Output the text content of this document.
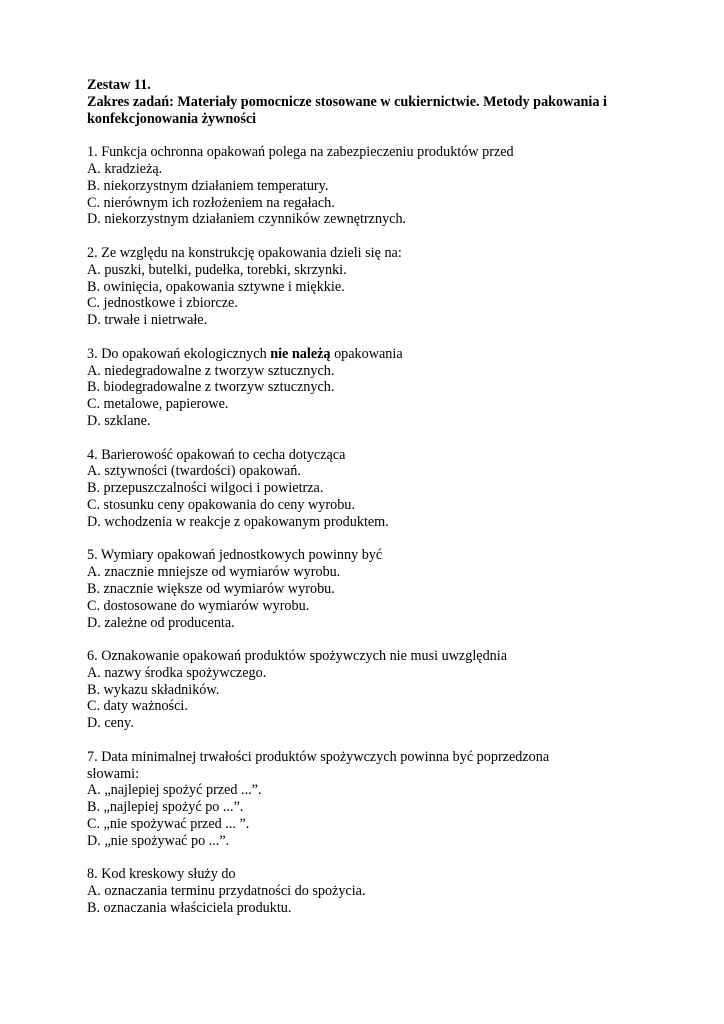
Zestaw 11.
Zakres zadań: Materiały pomocnicze stosowane w cukiernictwie. Metody pakowania i
konfekcjonowania żywności
1. Funkcja ochronna opakowań polega na zabezpieczeniu produktów przed
A. kradzieżą.
B. niekorzystnym działaniem temperatury.
C. nierównym ich rozłożeniem na regałach.
D. niekorzystnym działaniem czynników zewnętrznych.
2. Ze względu na konstrukcję opakowania dzieli się na:
A. puszki, butelki, pudełka, torebki, skrzynki.
B. owinięcia, opakowania sztywne i miękkie.
C. jednostkowe i zbiorcze.
D. trwałe i nietrwałe.
3. Do opakowań ekologicznych nie należą opakowania
A. niedegradowalne z tworzyw sztucznych.
B. biodegradowalne z tworzyw sztucznych.
C. metalowe, papierowe.
D. szklane.
4. Barierowość opakowań to cecha dotycząca
A. sztywności (twardości) opakowań.
B. przepuszczalności wilgoci i powietrza.
C. stosunku ceny opakowania do ceny wyrobu.
D. wchodzenia w reakcje z opakowanym produktem.
5. Wymiary opakowań jednostkowych powinny być
A. znacznie mniejsze od wymiarów wyrobu.
B. znacznie większe od wymiarów wyrobu.
C. dostosowane do wymiarów wyrobu.
D. zależne od producenta.
6. Oznakowanie opakowań produktów spożywczych nie musi uwzględnia
A. nazwy środka spożywczego.
B. wykazu składników.
C. daty ważności.
D. ceny.
7. Data minimalnej trwałości produktów spożywczych powinna być poprzedzona
słowami:
A. „najlepiej spożyć przed ...”.
B. „najlepiej spożyć po ...”.
C. „nie spożywać przed ... ”.
D. „nie spożywać po ...”.
8. Kod kreskowy służy do
A. oznaczania terminu przydatności do spożycia.
B. oznaczania właściciela produktu.
